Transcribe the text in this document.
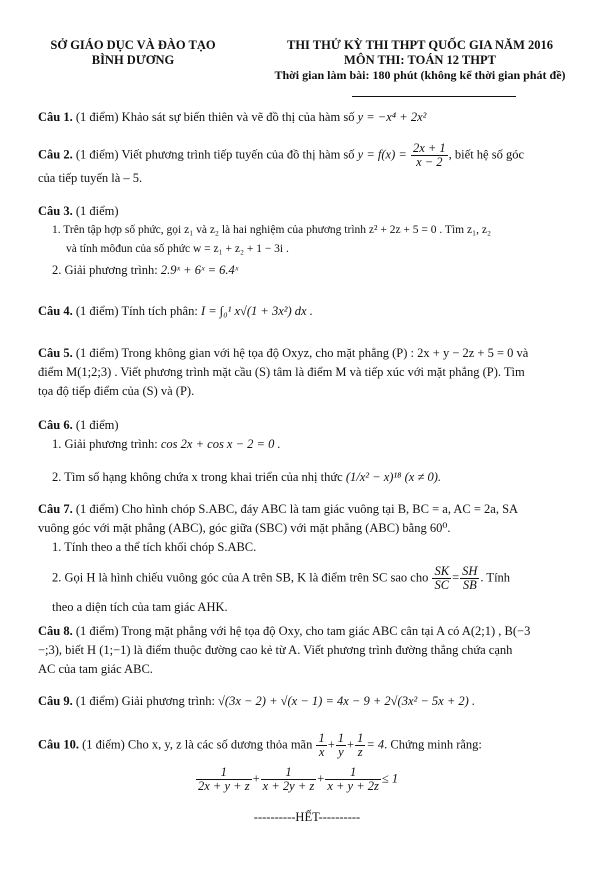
SỞ GIÁO DỤC VÀ ĐÀO TẠO
BÌNH DƯƠNG
THI THỬ KỲ THI THPT QUỐC GIA NĂM 2016
MÔN THI: TOÁN 12 THPT
Thời gian làm bài: 180 phút (không kể thời gian phát đề)
Câu 1. (1 điểm) Khảo sát sự biến thiên và vẽ đồ thị của hàm số y = −x⁴ + 2x²
Câu 2. (1 điểm) Viết phương trình tiếp tuyến của đồ thị hàm số $y = f(x) = \frac{2x + 1}{x - 2}$ , biết hệ số góc
của tiếp tuyến là – 5.
Câu 3. (1 điểm)
1. Trên tập hợp số phức, gọi z₁ và z₂ là hai nghiệm của phương trình z² + 2z + 5 = 0 . Tìm z₁, z₂
và tính môđun của số phức w = z₁ + z₂ + 1 − 3i .
2. Giải phương trình: 2.9ˣ + 6ˣ = 6.4ˣ
Câu 4. (1 điểm) Tính tích phân: I = ∫₀¹ x√(1 + 3x²) dx .
Câu 5. (1 điểm) Trong không gian với hệ tọa độ Oxyz, cho mặt phẳng (P) : 2x + y − 2z + 5 = 0 và
điểm M(1;2;3) . Viết phương trình mặt cầu (S) tâm là điểm M và tiếp xúc với mặt phẳng (P). Tìm
tọa độ tiếp điểm của (S) và (P).
Câu 6. (1 điểm)
1. Giải phương trình: cos 2x + cos x − 2 = 0 .
2. Tìm số hạng không chứa x trong khai triển của nhị thức (1/x² − x)¹⁸ (x ≠ 0).
Câu 7. (1 điểm) Cho hình chóp S.ABC, đáy ABC là tam giác vuông tại B, BC = a, AC = 2a, SA
vuông góc với mặt phẳng (ABC), góc giữa (SBC) với mặt phẳng (ABC) bằng 60⁰.
1. Tính theo a thể tích khối chóp S.ABC.
2. Gọi H là hình chiếu vuông góc của A trên SB, K là điểm trên SC sao cho $\frac{SK}{SC} = \frac{SH}{SB}$ . Tính
theo a diện tích của tam giác AHK.
Câu 8. (1 điểm) Trong mặt phẳng với hệ tọa độ Oxy, cho tam giác ABC cân tại A có A(2;1) , B(−3
−;3), biết H (1;−1) là điểm thuộc đường cao kẻ từ A. Viết phương trình đường thẳng chứa cạnh
AC của tam giác ABC.
Câu 9. (1 điểm) Giải phương trình: √(3x − 2) + √(x − 1) = 4x − 9 + 2√(3x² − 5x + 2) .
Câu 10. (1 điểm) Cho x, y, z là các số dương thỏa mãn $\frac{1}{x} + \frac{1}{y} + \frac{1}{z} = 4$. Chứng minh rằng:
$\frac{1}{2x + y + z} + \frac{1}{x + 2y + z} + \frac{1}{x + y + 2z} \le 1$
----------HẾT----------
